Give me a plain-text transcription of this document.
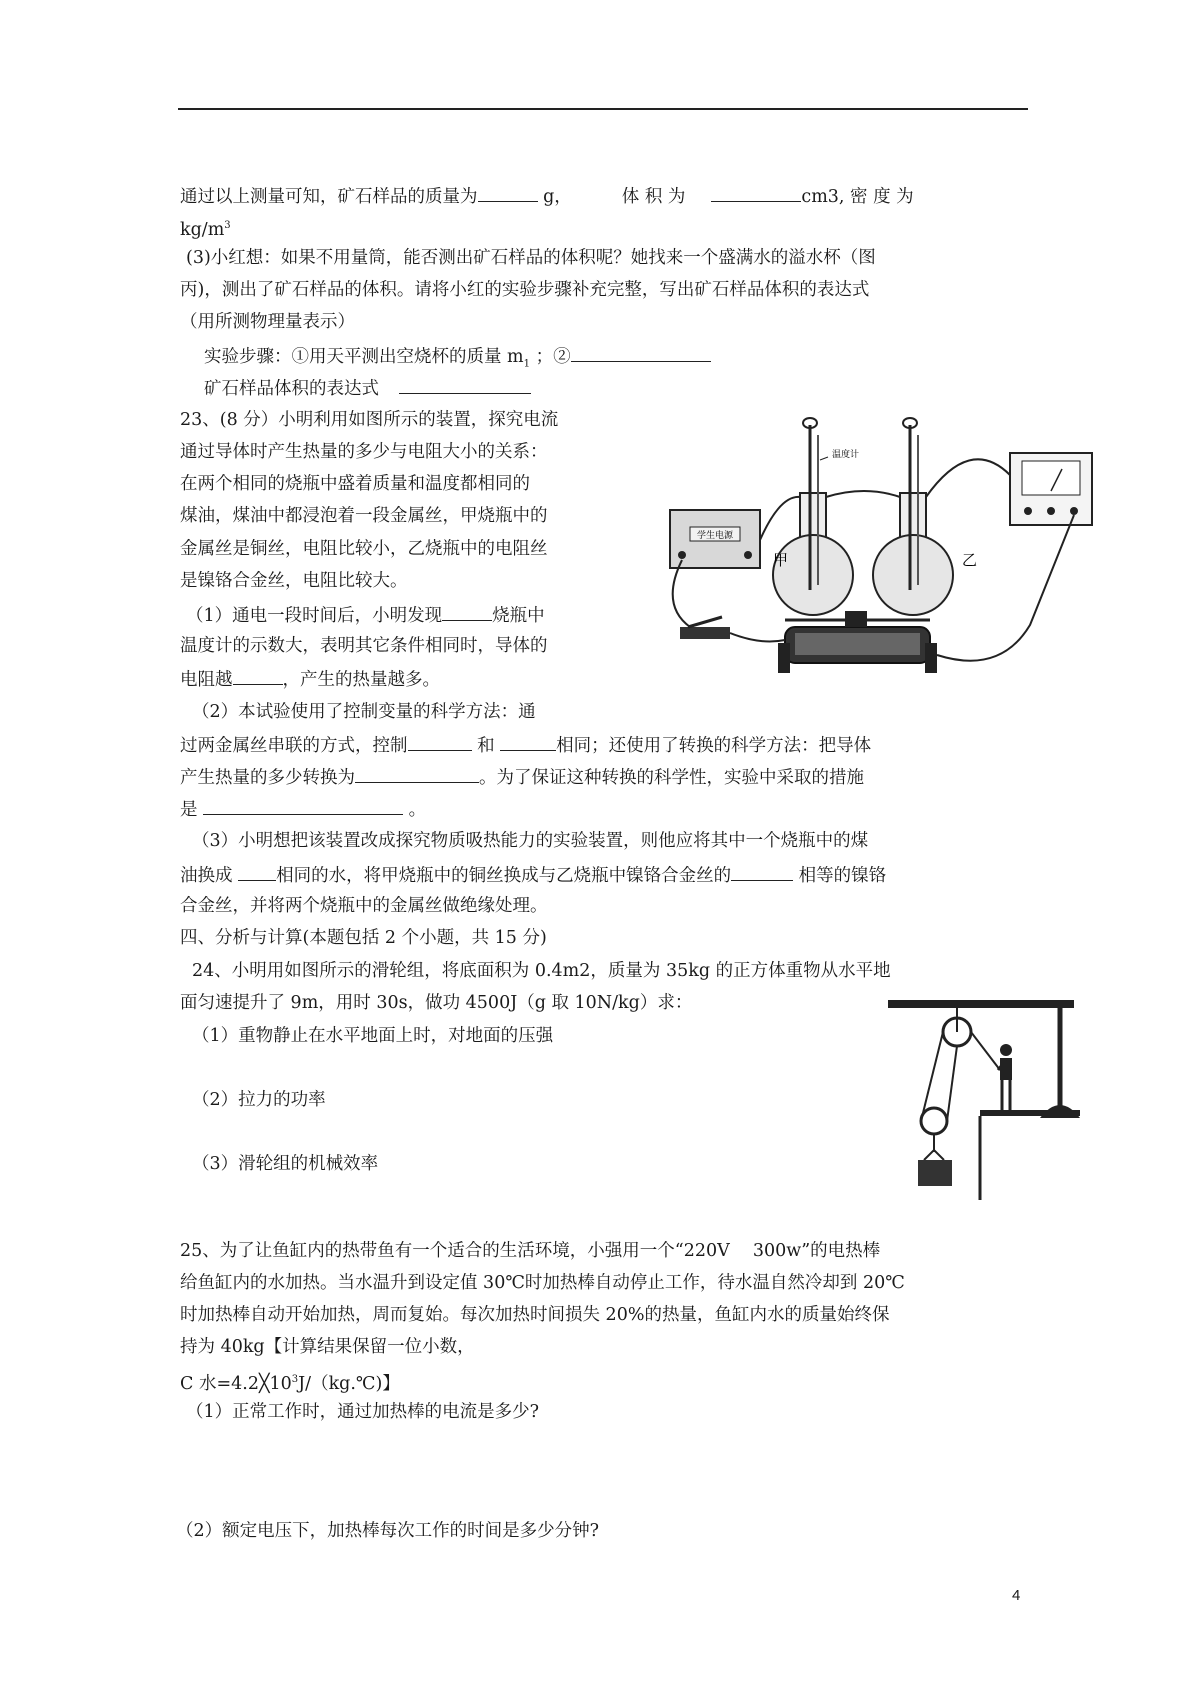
通过以上测量可知，矿石样品的质量为	g，	体 积 为	cm3, 密 度 为
$kg/m^3$
(3)小红想：如果不用量筒，能否测出矿石样品的体积呢？她找来一个盛满水的溢水杯（图
丙)，测出了矿石样品的体积。请将小红的实验步骤补充完整，写出矿石样品体积的表达式
（用所测物理量表示）
实验步骤：①用天平测出空烧杯的质量 $m_1$ ；②
矿石样品体积的表达式
23、(8 分）小明利用如图所示的装置，探究电流
通过导体时产生热量的多少与电阻大小的关系：
在两个相同的烧瓶中盛着质量和温度都相同的
煤油，煤油中都浸泡着一段金属丝，甲烧瓶中的
金属丝是铜丝，电阻比较小，乙烧瓶中的电阻丝
是镍铬合金丝，电阻比较大。
（1）通电一段时间后，小明发现	烧瓶中
温度计的示数大，表明其它条件相同时，导体的
电阻越	，产生的热量越多。
（2）本试验使用了控制变量的科学方法：通
过两金属丝串联的方式，控制	和	相同；还使用了转换的科学方法：把导体
产生热量的多少转换为	。为了保证这种转换的科学性，实验中采取的措施
是	。
（3）小明想把该装置改成探究物质吸热能力的实验装置，则他应将其中一个烧瓶中的煤
油换成 相同的水，将甲烧瓶中的铜丝换成与乙烧瓶中镍铬合金丝的	相等的镍铬
合金丝，并将两个烧瓶中的金属丝做绝缘处理。
四、分析与计算(本题包括 2 个小题，共 15 分)
24、小明用如图所示的滑轮组，将底面积为 0.4m2，质量为 35kg 的正方体重物从水平地
面匀速提升了 9m，用时 30s，做功 4500J（g 取 10N/kg）求：
（1）重物静止在水平地面上时，对地面的压强
（2）拉力的功率
（3）滑轮组的机械效率
25、为了让鱼缸内的热带鱼有一个适合的生活环境，小强用一个“220V　 300w”的电热棒
给鱼缸内的水加热。当水温升到设定值 30℃时加热棒自动停止工作，待水温自然冷却到 20℃
时加热棒自动开始加热，周而复始。每次加热时间损失 20%的热量，鱼缸内水的质量始终保
持为 40kg【计算结果保留一位小数，
C 水$=4.2╳10^3J/(kg.℃)$】
（1）正常工作时，通过加热棒的电流是多少?
（2）额定电压下，加热棒每次工作的时间是多少分钟?
学生电源
甲	乙
温度计
4
